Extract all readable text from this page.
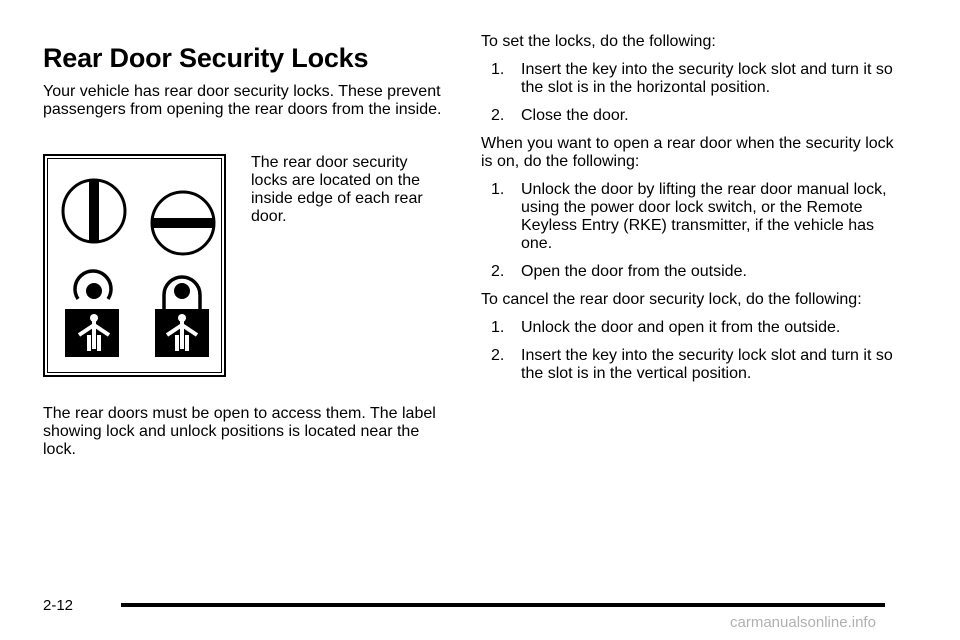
Rear Door Security Locks

Your vehicle has rear door security locks. These prevent passengers from opening the rear doors from the inside.

The rear door security locks are located on the inside edge of each rear door.

The rear doors must be open to access them. The label showing lock and unlock positions is located near the lock.

To set the locks, do the following:

1. Insert the key into the security lock slot and turn it so the slot is in the horizontal position.
2. Close the door.

When you want to open a rear door when the security lock is on, do the following:

1. Unlock the door by lifting the rear door manual lock, using the power door lock switch, or the Remote Keyless Entry (RKE) transmitter, if the vehicle has one.
2. Open the door from the outside.

To cancel the rear door security lock, do the following:

1. Unlock the door and open it from the outside.
2. Insert the key into the security lock slot and turn it so the slot is in the vertical position.
2-12
carmanualsonline.info
